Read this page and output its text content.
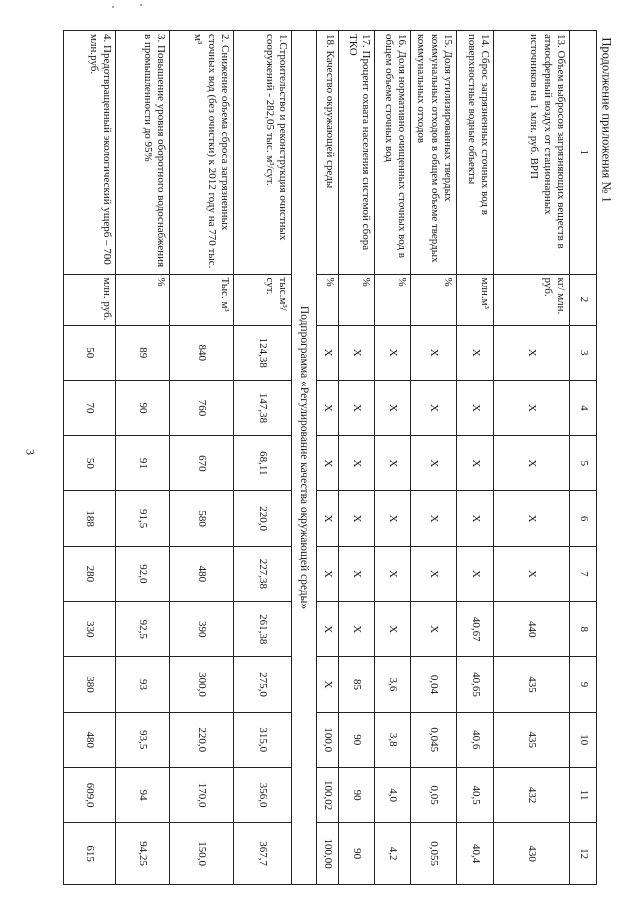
3
Продолжение приложения № 1
1	2	3	4	5	6	7	8	9	10	11	12
13. Объем выбросов загрязняющих веществ в атмосферный воздух от стационарных источников на 1 млн. руб. ВРП	кг/ млн. руб.	Х	Х	Х	Х	Х	440	435	435	432	430
14. Сброс загрязненных сточных вод в поверхностные водные объекты	млн.м³	Х	Х	Х	Х	Х	40,67	40,65	40,6	40,5	40,4
15. Доля утилизированных твердых коммунальных отходов в общем объеме твердых коммунальных отходов	%	Х	Х	Х	Х	Х	Х	0,04	0,045	0,05	0,055
16. Доля нормативно очищенных сточных вод в общем объеме сточных вод	%	Х	Х	Х	Х	Х	Х	3,6	3,8	4,0	4,2
17. Процент охвата населения системой сбора ТКО	%	Х	Х	Х	Х	Х	Х	85	90	90	90
18. Качество окружающей среды	%	Х	Х	Х	Х	Х	Х	Х	100,0	100,02	100,00
Подпрограмма «Регулирование качества окружающей среды»											
1.Строительство и реконструкция очистных сооружений - 282,05 тыс. м³/сут.	тыс.м³/ сут.	124,38	147,38	68,11	220,0	227,38	261,38	275,0	315,0	356,0	367,7
2. Снижение объема сброса загрязненных сточных вод (без очистки) к 2012 году на 770 тыс. м³	Тыс. м³	840	760	670	580	480	390	300,0	220,0	170,0	150,0
3. Повышение уровня оборотного водоснабжения в промышленности до 95%	%	89	90	91	91,5	92,0	92,5	93	93,5	94	94,25
4. Предотвращенный экологический ущерб – 700 млн.руб.	млн. руб.	50	70	50	188	280	330	380	480	609,0	615
